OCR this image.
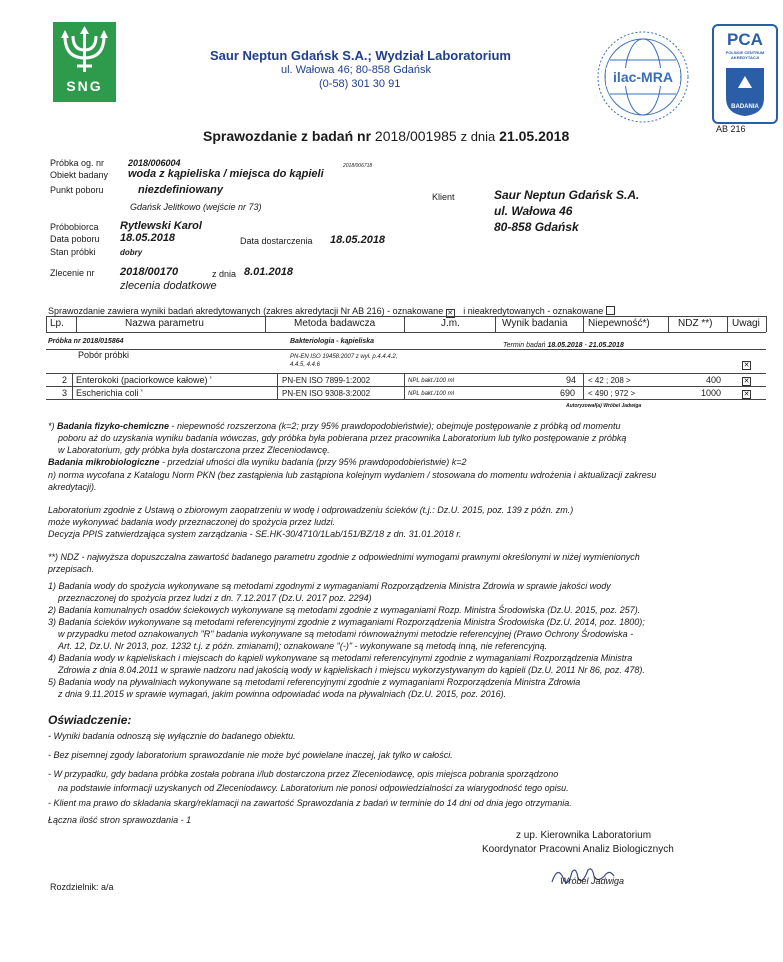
SNG
Saur Neptun Gdańsk S.A.; Wydział Laboratorium
ul. Wałowa 46; 80-858 Gdańsk
(0-58) 301 30 91	ilac-MRA
PCA
POLSKIE CENTRUM AKREDYTACJI
BADANIA
AB 216
Sprawozdanie z badań nr 2018/001985 z dnia 21.05.2018
Próbka og. nr	2018/006004	2018/006718
Obiekt badany woda z kąpieliska / miejsca do kąpieli
Punkt poboru	niezdefiniowany
Gdańsk Jelitkowo (wejście nr 73)
Próbobiorca Rytlewski Karol
Data poboru 18.05.2018	Data dostarczenia 18.05.2018
Stan próbki	dobry
Zlecenie nr 2018/00170	z dnia 8.01.2018
zlecenia dodatkowe
Klient	Saur Neptun Gdańsk S.A.
ul. Wałowa 46
80-858 Gdańsk
Sprawozdanie zawiera wyniki badań akredytowanych (zakres akredytacji Nr AB 216) - oznakowane ✕ i nieakredytowanych - oznakowane
Lp.	Nazwa parametru	Metoda badawcza	J.m.	Wynik badania Niepewność*)	NDZ **) Uwagi
Próbka nr 2018/015864	Bakteriologia - kąpieliska
Termin badań 18.05.2018 - 21.05.2018
Pobór próbki	PN-EN ISO 19458:2007 z wył. p.4.4.4.2, 4.4.5, 4.4.6
✕
2 Enterokoki (paciorkowce kałowe) '	PN-EN ISO 7899-1:2002	NPL bakt./100 ml	94 < 42 ; 208 >	400
✕
3 Escherichia coli '	PN-EN ISO 9308-3:2002	NPL bakt./100 ml	690 < 490 ; 972 >	1000
✕
Autoryzował(a) Wróbel Jadwiga
*) Badania fizyko-chemiczne - niepewność rozszerzona (k=2; przy 95% prawdopodobieństwie); obejmuje postępowanie z próbką od momentu
poboru aż do uzyskania wyniku badania wówczas, gdy próbka była pobierana przez pracownika Laboratorium lub tylko postępowanie z próbką
w Laboratorium, gdy próbka była dostarczona przez Zleceniodawcę.
Badania mikrobiologiczne - przedział ufności dla wyniku badania (przy 95% prawdopodobieństwie) k=2
n) norma wycofana z Katalogu Norm PKN (bez zastąpienia lub zastąpiona kolejnym wydaniem / stosowana do momentu wdrożenia i aktualizacji zakresu
akredytacji).
Laboratorium zgodnie z Ustawą o zbiorowym zaopatrzeniu w wodę i odprowadzeniu ścieków (t.j.: Dz.U. 2015, poz. 139 z późn. zm.)
może wykonywać badania wody przeznaczonej do spożycia przez ludzi.
Decyzja PPIS zatwierdzająca system zarządzania - SE.HK-30/4710/1Lab/151/BZ/18 z dn. 31.01.2018 r.
**) NDZ - najwyższa dopuszczalna zawartość badanego parametru zgodnie z odpowiednimi wymogami prawnymi określonymi w niżej wymienionych
przepisach.
1) Badania wody do spożycia wykonywane są metodami zgodnymi z wymaganiami Rozporządzenia Ministra Zdrowia w sprawie jakości wody
przeznaczonej do spożycia przez ludzi z dn. 7.12.2017 (Dz.U. 2017 poz. 2294)
2) Badania komunalnych osadów ściekowych wykonywane są metodami zgodnie z wymaganiami Rozp. Ministra Środowiska (Dz.U. 2015, poz. 257).
3) Badania ścieków wykonywane są metodami referencyjnymi zgodnie z wymaganiami Rozporządzenia Ministra Środowiska (Dz.U. 2014, poz. 1800);
w przypadku metod oznakowanych "R" badania wykonywane są metodami równoważnymi metodzie referencyjnej (Prawo Ochrony Środowiska -
Art. 12, Dz.U. Nr 2013, poz. 1232 t.j. z późn. zmianami); oznakowane "(-)" - wykonywane są metodą inną, nie referencyjną.
4) Badania wody w kąpieliskach i miejscach do kąpieli wykonywane są metodami referencyjnymi zgodnie z wymaganiami Rozporządzenia Ministra
Zdrowia z dnia 8.04.2011 w sprawie nadzoru nad jakością wody w kąpieliskach i miejscu wykorzystywanym do kąpieli (Dz.U. 2011 Nr 86, poz. 478).
5) Badania wody na pływalniach wykonywane są metodami referencyjnymi zgodnie z wymaganiami Rozporządzenia Ministra Zdrowia
z dnia 9.11.2015 w sprawie wymagań, jakim powinna odpowiadać woda na pływalniach (Dz.U. 2015, poz. 2016).
Oświadczenie:
- Wyniki badania odnoszą się wyłącznie do badanego obiektu.
- Bez pisemnej zgody laboratorium sprawozdanie nie może być powielane inaczej, jak tylko w całości.
- W przypadku, gdy badana próbka została pobrana i/lub dostarczona przez Zleceniodawcę, opis miejsca pobrania sporządzono
na podstawie informacji uzyskanych od Zleceniodawcy. Laboratorium nie ponosi odpowiedzialności za wiarygodność tego opisu.
- Klient ma prawo do składania skarg/reklamacji na zawartość Sprawozdania z badań w terminie do 14 dni od dnia jego otrzymania.
Łączna ilość stron sprawozdania - 1
z up. Kierownika Laboratorium
Koordynator Pracowni Analiz Biologicznych
Wróbel Jadwiga
Rozdzielnik: a/a
